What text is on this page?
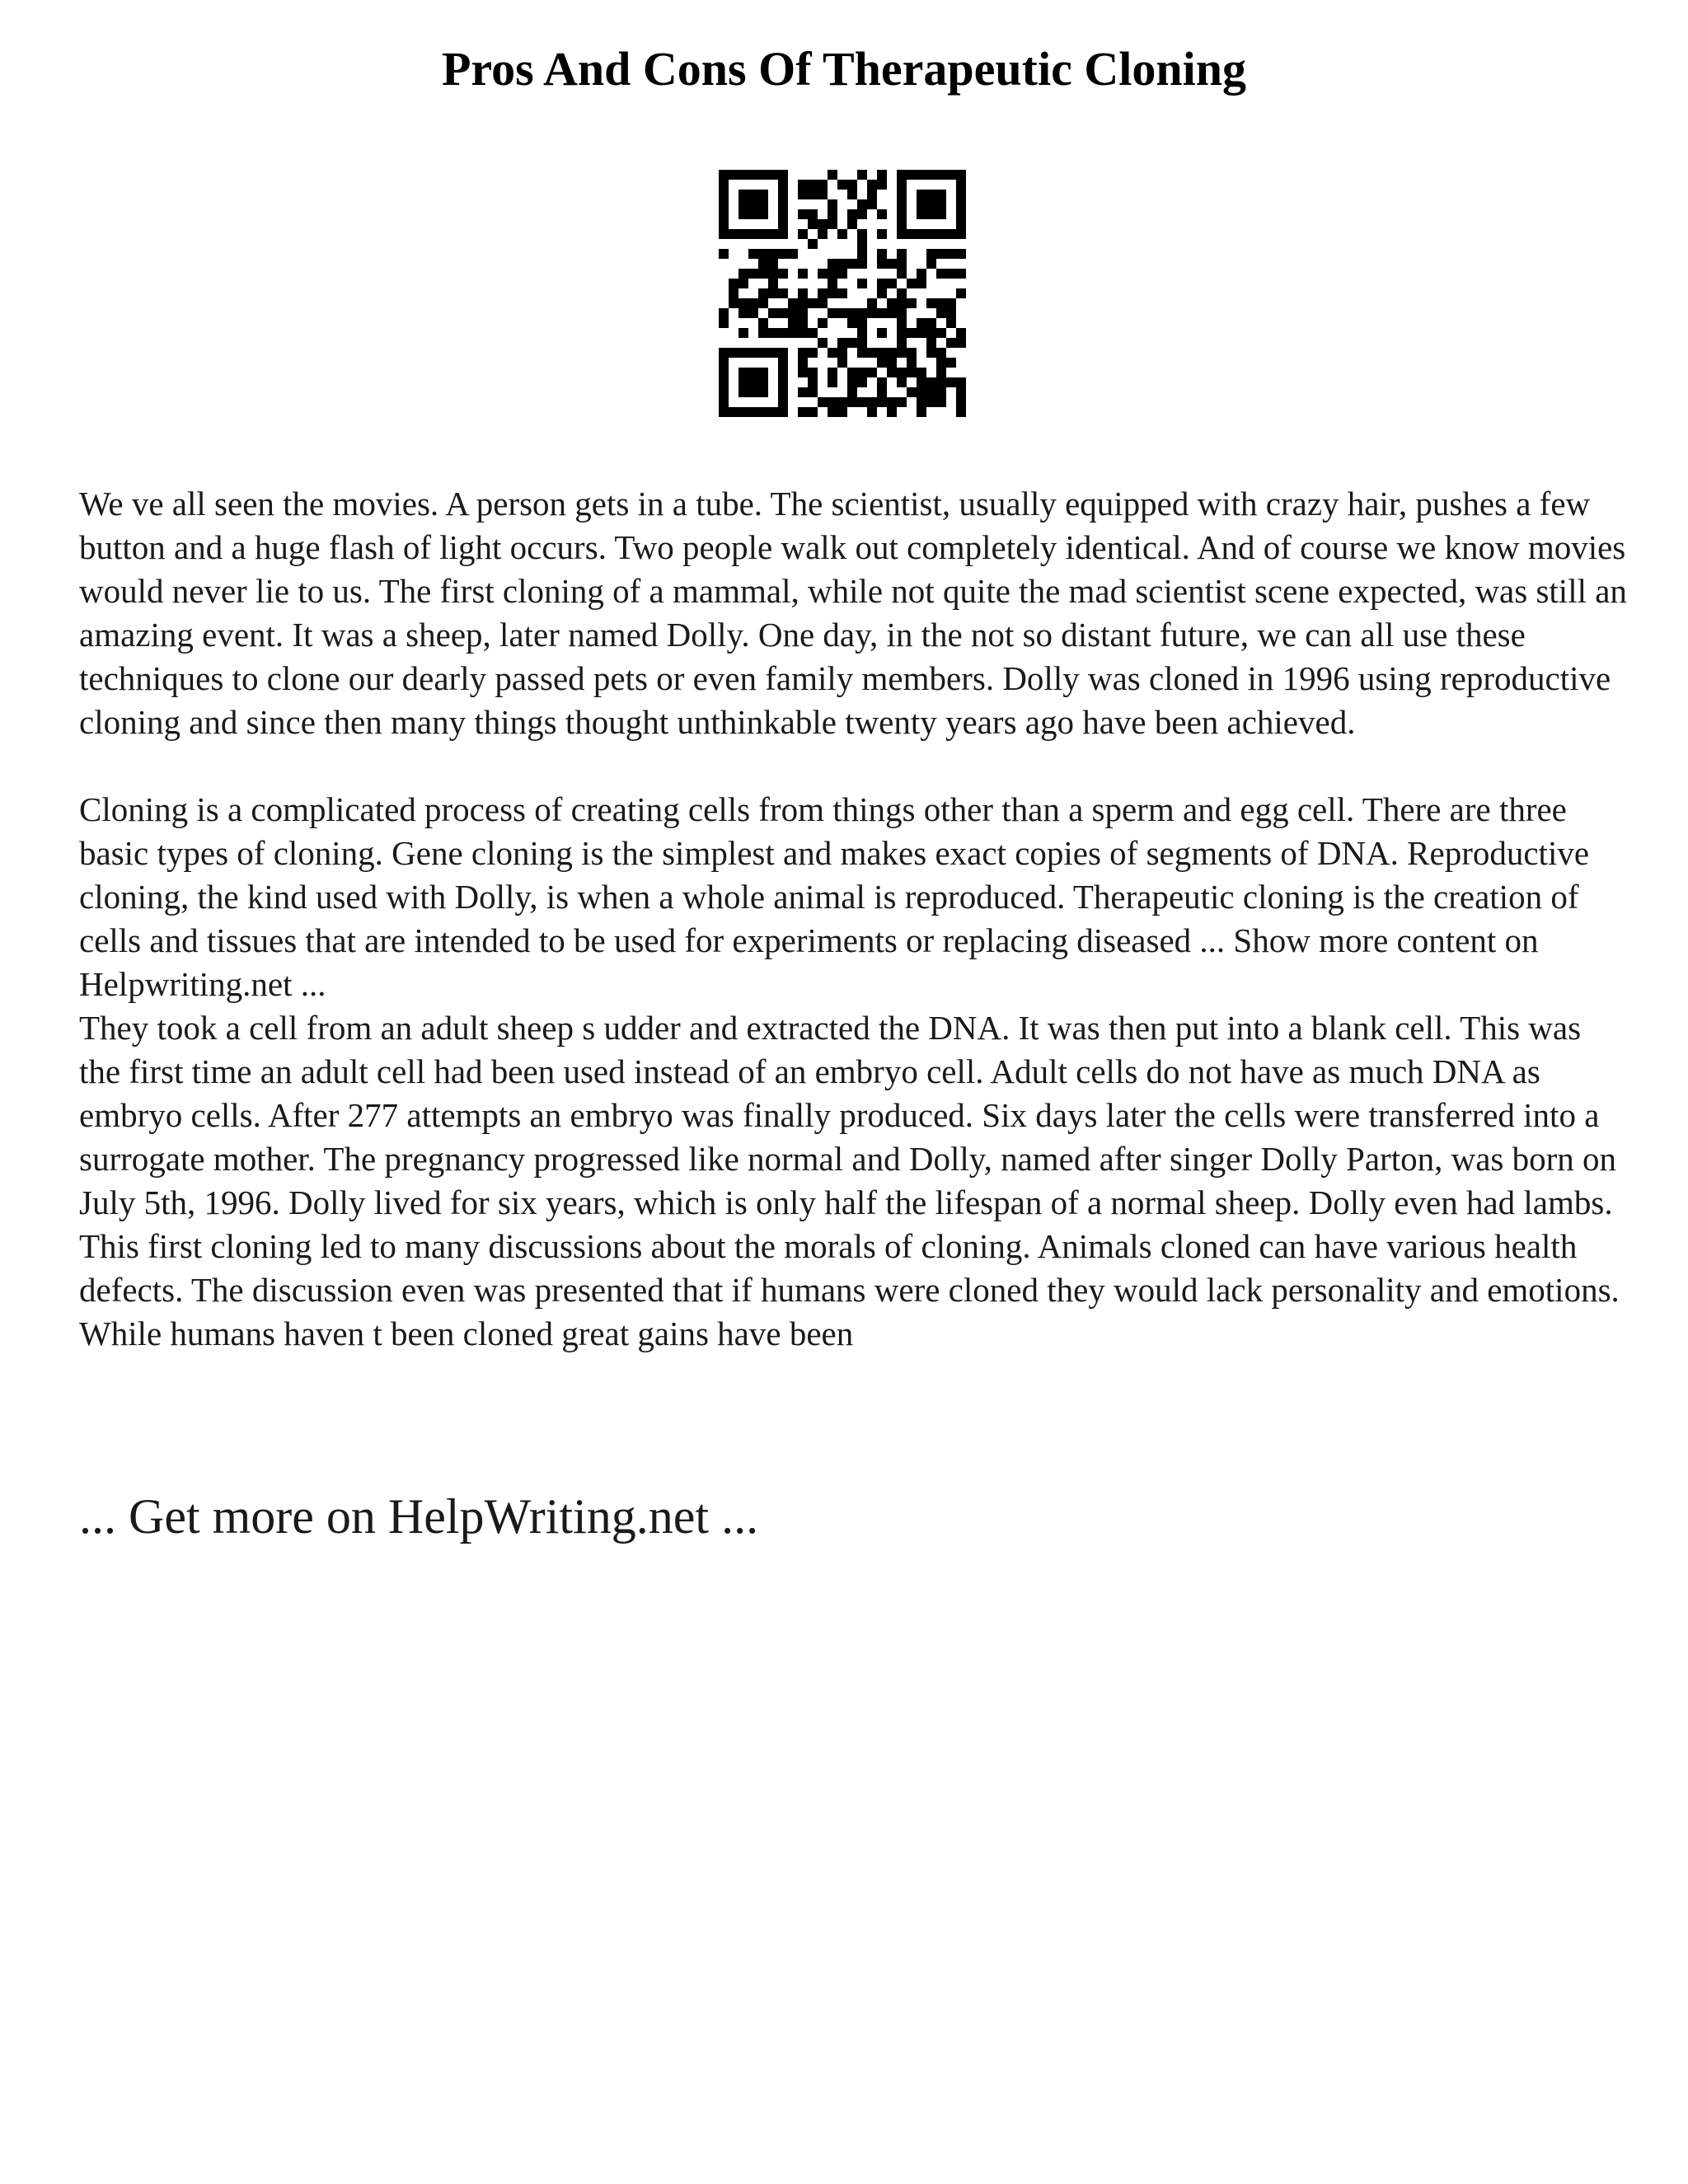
Pros And Cons Of Therapeutic Cloning

We ve all seen the movies. A person gets in a tube. The scientist, usually equipped with crazy hair, pushes a few button and a huge flash of light occurs. Two people walk out completely identical. And of course we know movies would never lie to us. The first cloning of a mammal, while not quite the mad scientist scene expected, was still an amazing event. It was a sheep, later named Dolly. One day, in the not so distant future, we can all use these techniques to clone our dearly passed pets or even family members. Dolly was cloned in 1996 using reproductive cloning and since then many things thought unthinkable twenty years ago have been achieved.

Cloning is a complicated process of creating cells from things other than a sperm and egg cell. There are three basic types of cloning. Gene cloning is the simplest and makes exact copies of segments of DNA. Reproductive cloning, the kind used with Dolly, is when a whole animal is reproduced. Therapeutic cloning is the creation of cells and tissues that are intended to be used for experiments or replacing diseased ... Show more content on Helpwriting.net ...

They took a cell from an adult sheep s udder and extracted the DNA. It was then put into a blank cell. This was the first time an adult cell had been used instead of an embryo cell. Adult cells do not have as much DNA as embryo cells. After 277 attempts an embryo was finally produced. Six days later the cells were transferred into a surrogate mother. The pregnancy progressed like normal and Dolly, named after singer Dolly Parton, was born on July 5th, 1996. Dolly lived for six years, which is only half the lifespan of a normal sheep. Dolly even had lambs. This first cloning led to many discussions about the morals of cloning. Animals cloned can have various health defects. The discussion even was presented that if humans were cloned they would lack personality and emotions. While humans haven t been cloned great gains have been

... Get more on HelpWriting.net ...
